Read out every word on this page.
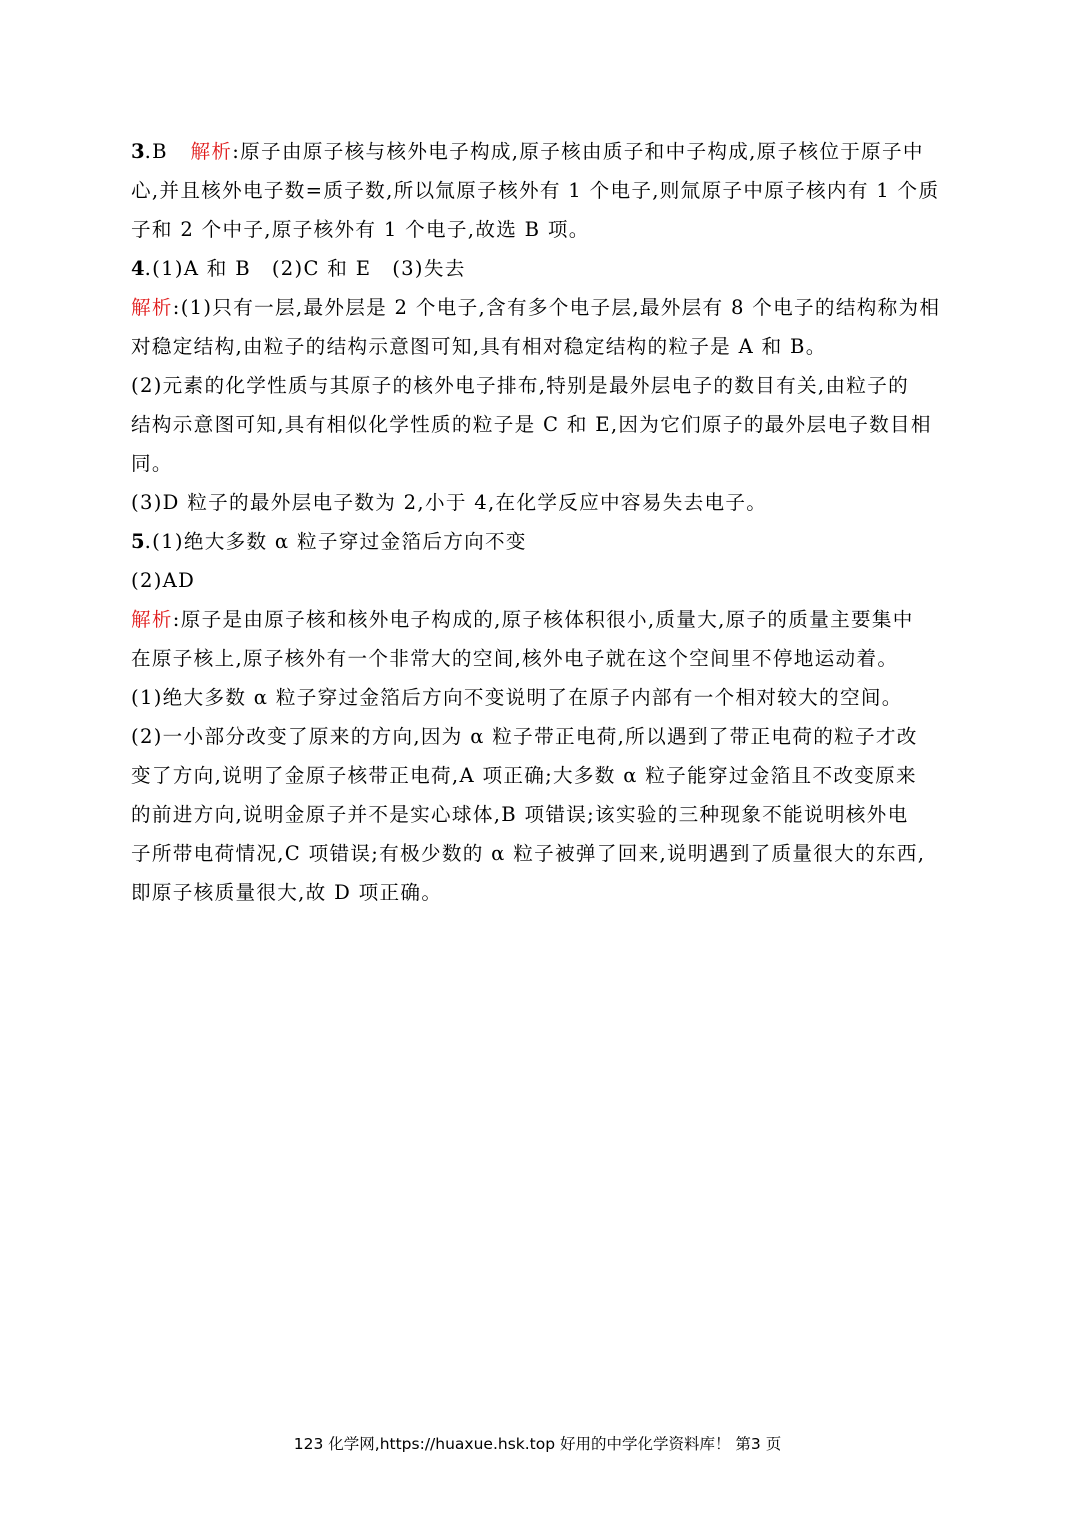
3.B 解析:原子由原子核与核外电子构成,原子核由质子和中子构成,原子核位于原子中
心,并且核外电子数=质子数,所以氚原子核外有 1 个电子,则氚原子中原子核内有 1 个质
子和 2 个中子,原子核外有 1 个电子,故选 B 项。
4.(1)A 和 B　(2)C 和 E　(3)失去
解析:(1)只有一层,最外层是 2 个电子,含有多个电子层,最外层有 8 个电子的结构称为相
对稳定结构,由粒子的结构示意图可知,具有相对稳定结构的粒子是 A 和 B。
(2)元素的化学性质与其原子的核外电子排布,特别是最外层电子的数目有关,由粒子的
结构示意图可知,具有相似化学性质的粒子是 C 和 E,因为它们原子的最外层电子数目相
同。
(3)D 粒子的最外层电子数为 2,小于 4,在化学反应中容易失去电子。
5.(1)绝大多数 α 粒子穿过金箔后方向不变
(2)AD
解析:原子是由原子核和核外电子构成的,原子核体积很小,质量大,原子的质量主要集中
在原子核上,原子核外有一个非常大的空间,核外电子就在这个空间里不停地运动着。
(1)绝大多数 α 粒子穿过金箔后方向不变说明了在原子内部有一个相对较大的空间。
(2)一小部分改变了原来的方向,因为 α 粒子带正电荷,所以遇到了带正电荷的粒子才改
变了方向,说明了金原子核带正电荷,A 项正确;大多数 α 粒子能穿过金箔且不改变原来
的前进方向,说明金原子并不是实心球体,B 项错误;该实验的三种现象不能说明核外电
子所带电荷情况,C 项错误;有极少数的 α 粒子被弹了回来,说明遇到了质量很大的东西,
即原子核质量很大,故 D 项正确。
123 化学网,https://huaxue.hsk.top 好用的中学化学资料库！ 第3 页
